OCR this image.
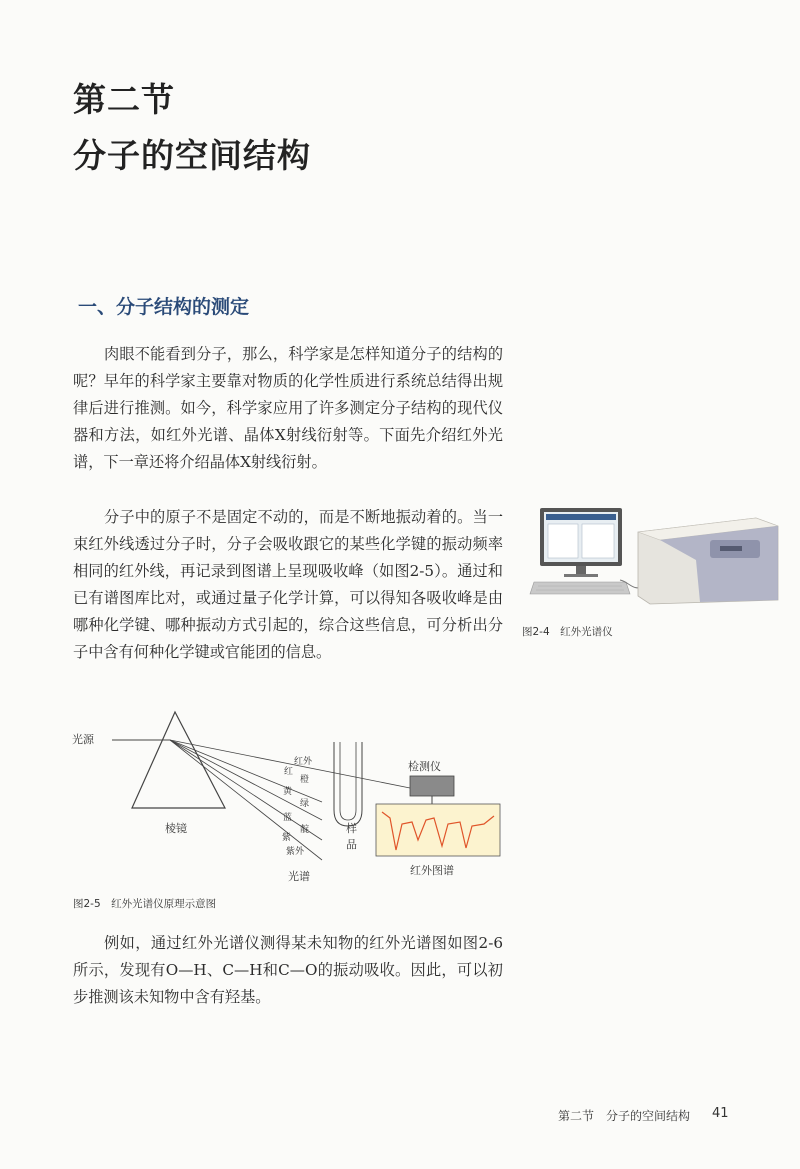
第二节
分子的空间结构
一、分子结构的测定

肉眼不能看到分子，那么，科学家是怎样知道分子的结构的呢？早年的科学家主要靠对物质的化学性质进行系统总结得出规律后进行推测。如今，科学家应用了许多测定分子结构的现代仪器和方法，如红外光谱、晶体X射线衍射等。下面先介绍红外光谱，下一章还将介绍晶体X射线衍射。

分子中的原子不是固定不动的，而是不断地振动着的。当一束红外线透过分子时，分子会吸收跟它的某些化学键的振动频率相同的红外线，再记录到图谱上呈现吸收峰（如图2-5）。通过和已有谱图库比对，或通过量子化学计算，可以得知各吸收峰是由哪种化学键、哪种振动方式引起的，综合这些信息，可分析出分子中含有何种化学键或官能团的信息。

例如，通过红外光谱仪测得某未知物的红外光谱图如图2-6所示，发现有O—H、C—H和C—O的振动吸收。因此，可以初步推测该未知物中含有羟基。

图2-4　红外光谱仪
光源
棱镜
红外
红
橙
黄
绿
蓝
靛
紫
紫外
光谱
样
品
检测仪
红外图谱
图2-5　红外光谱仪原理示意图
第二节　分子的空间结构 41
